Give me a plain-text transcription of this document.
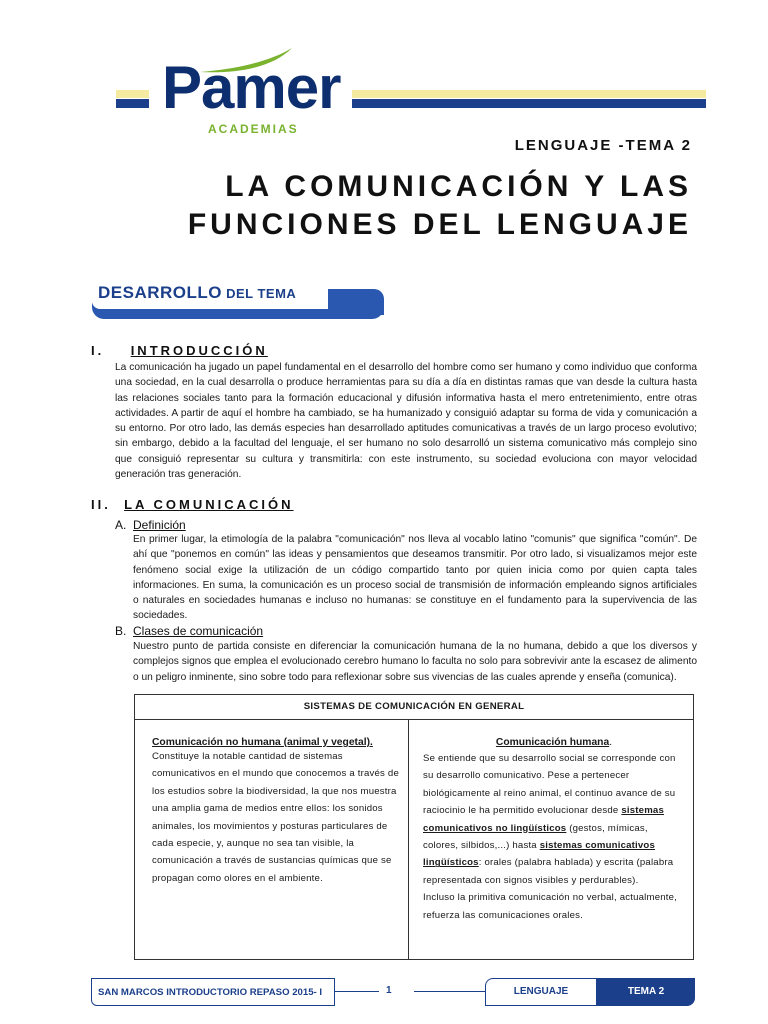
Pamer
ACADEMIAS
LENGUAJE -TEMA 2
LA COMUNICACIÓN Y LAS
FUNCIONES DEL LENGUAJE
DESARROLLO DEL TEMA
I. INTRODUCCIÓN
La comunicación ha jugado un papel fundamental en el desarrollo del hombre como ser humano y como individuo que conforma una sociedad, en la cual desarrolla o produce herramientas para su día a día en distintas ramas que van desde la cultura hasta las relaciones sociales tanto para la formación educacional y difusión informativa hasta el mero entretenimiento, entre otras actividades. A partir de aquí el hombre ha cambiado, se ha humanizado y consiguió adaptar su forma de vida y comunicación a su entorno. Por otro lado, las demás especies han desarrollado aptitudes comunicativas a través de un largo proceso evolutivo; sin embargo, debido a la facultad del lenguaje, el ser humano no solo desarrolló un sistema comunicativo más complejo sino que consiguió representar su cultura y transmitirla: con este instrumento, su sociedad evoluciona con mayor velocidad generación tras generación.
II. LA COMUNICACIÓN
A. Definición
En primer lugar, la etimología de la palabra "comunicación" nos lleva al vocablo latino "comunis" que significa "común". De ahí que "ponemos en común" las ideas y pensamientos que deseamos transmitir. Por otro lado, si visualizamos mejor este fenómeno social exige la utilización de un código compartido tanto por quien inicia como por quien capta tales informaciones. En suma, la comunicación es un proceso social de transmisión de información empleando signos artificiales o naturales en sociedades humanas e incluso no humanas: se constituye en el fundamento para la supervivencia de las sociedades.
B. Clases de comunicación
Nuestro punto de partida consiste en diferenciar la comunicación humana de la no humana, debido a que los diversos y complejos signos que emplea el evolucionado cerebro humano lo faculta no solo para sobrevivir ante la escasez de alimento o un peligro inminente, sino sobre todo para reflexionar sobre sus vivencias de las cuales aprende y enseña (comunica).
SISTEMAS DE COMUNICACIÓN EN GENERAL
Comunicación no humana (animal y vegetal).
Constituye la notable cantidad de sistemas comunicativos en el mundo que conocemos a través de los estudios sobre la biodiversidad, la que nos muestra una amplia gama de medios entre ellos: los sonidos animales, los movimientos y posturas particulares de cada especie, y, aunque no sea tan visible, la comunicación a través de sustancias químicas que se propagan como olores en el ambiente.
Comunicación humana.
Se entiende que su desarrollo social se corresponde con su desarrollo comunicativo. Pese a pertenecer biológicamente al reino animal, el continuo avance de su raciocinio le ha permitido evolucionar desde sistemas comunicativos no lingüísticos (gestos, mímicas, colores, silbidos,...) hasta sistemas comunicativos lingüísticos: orales (palabra hablada) y escrita (palabra representada con signos visibles y perdurables).
Incluso la primitiva comunicación no verbal, actualmente, refuerza las comunicaciones orales.
SAN MARCOS INTRODUCTORIO REPASO 2015- I	1	LENGUAJE	TEMA 2
